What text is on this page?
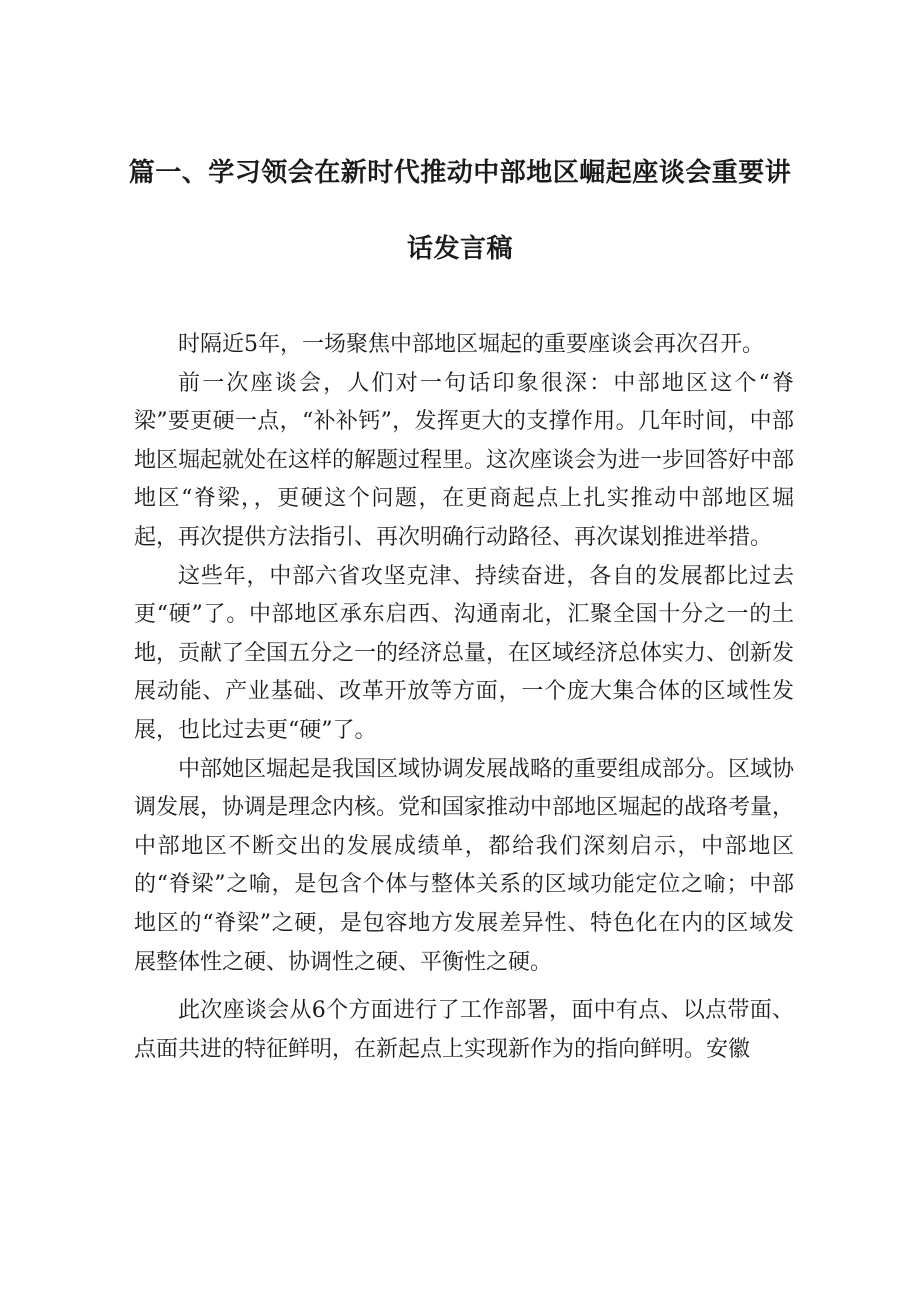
篇一、学习领会在新时代推动中部地区崛起座谈会重要讲
话发言稿

时隔近5年，一场聚焦中部地区堀起的重要座谈会再次召开。

前一次座谈会，人们对一句话印象很深：中部地区这个“脊梁”要更硬一点，“补补钙”，发挥更大的支撑作用。几年时间，中部地区堀起就处在这样的解题过程里。这次座谈会为进一步回答好中部地区“脊梁，，更硬这个问题，在更商起点上扎实推动中部地区堀起，再次提供方法指引、再次明确行动路径、再次谋划推进举措。

这些年，中部六省攻坚克津、持续奋进，各自的发展都比过去更“硬”了。中部地区承东启西、沟通南北，汇聚全国十分之一的土地，贡献了全国五分之一的经济总量，在区域经济总体实力、创新发展动能、产业基础、改革开放等方面，一个庞大集合体的区域性发展，也比过去更“硬”了。

中部她区堀起是我国区域协调发展战略的重要组成部分。区域协调发展，协调是理念内核。党和国家推动中部地区堀起的战珞考量，中部地区不断交出的发展成绩单，都给我们深刻启示，中部地区的“脊梁”之喻，是包含个体与整体关系的区域功能定位之喻；中部地区的“脊梁”之硬，是包容地方发展差异性、特色化在内的区域发展整体性之硬、协调性之硬、平衡性之硬。

此次座谈会从6个方面进行了工作部署，面中有点、以点带面、点面共进的特征鲜明，在新起点上实现新作为的指向鲜明。安徽
